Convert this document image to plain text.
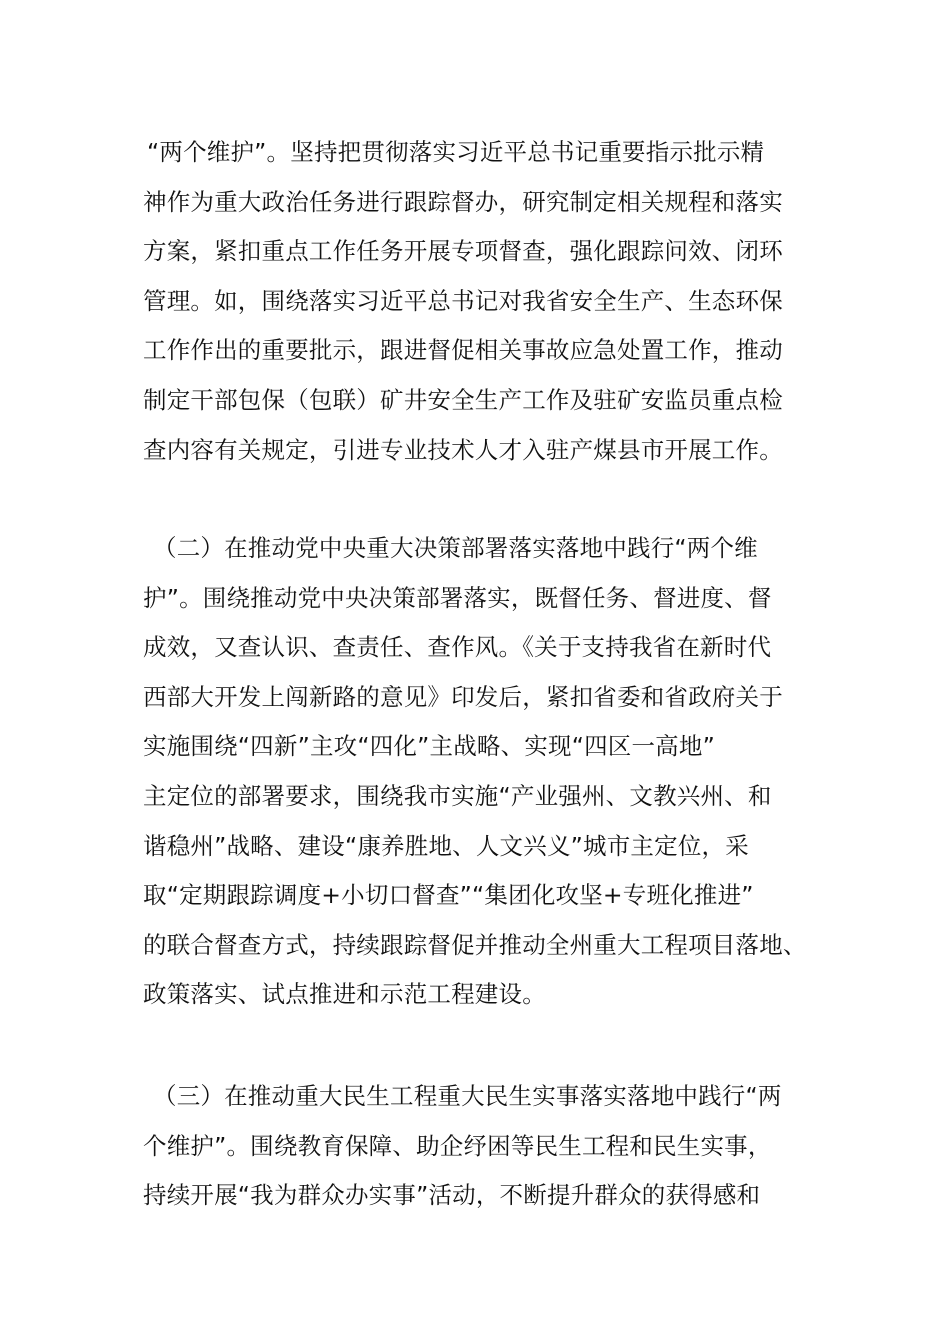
“两个维护”。坚持把贯彻落实习近平总书记重要指示批示精
神作为重大政治任务进行跟踪督办，研究制定相关规程和落实
方案，紧扣重点工作任务开展专项督查，强化跟踪问效、闭环
管理。如，围绕落实习近平总书记对我省安全生产、生态环保
工作作出的重要批示，跟进督促相关事故应急处置工作，推动
制定干部包保（包联）矿井安全生产工作及驻矿安监员重点检
查内容有关规定，引进专业技术人才入驻产煤县市开展工作。
（二）在推动党中央重大决策部署落实落地中践行“两个维
护”。围绕推动党中央决策部署落实，既督任务、督进度、督
成效，又查认识、查责任、查作风。《关于支持我省在新时代
西部大开发上闯新路的意见》印发后，紧扣省委和省政府关于
实施围绕“四新”主攻“四化”主战略、实现“四区一高地”
主定位的部署要求，围绕我市实施“产业强州、文教兴州、和
谐稳州”战略、建设“康养胜地、人文兴义”城市主定位，采
取“定期跟踪调度+小切口督查”“集团化攻坚+专班化推进”
的联合督查方式，持续跟踪督促并推动全州重大工程项目落地、
政策落实、试点推进和示范工程建设。
（三）在推动重大民生工程重大民生实事落实落地中践行“两
个维护”。围绕教育保障、助企纾困等民生工程和民生实事，
持续开展“我为群众办实事”活动，不断提升群众的获得感和
